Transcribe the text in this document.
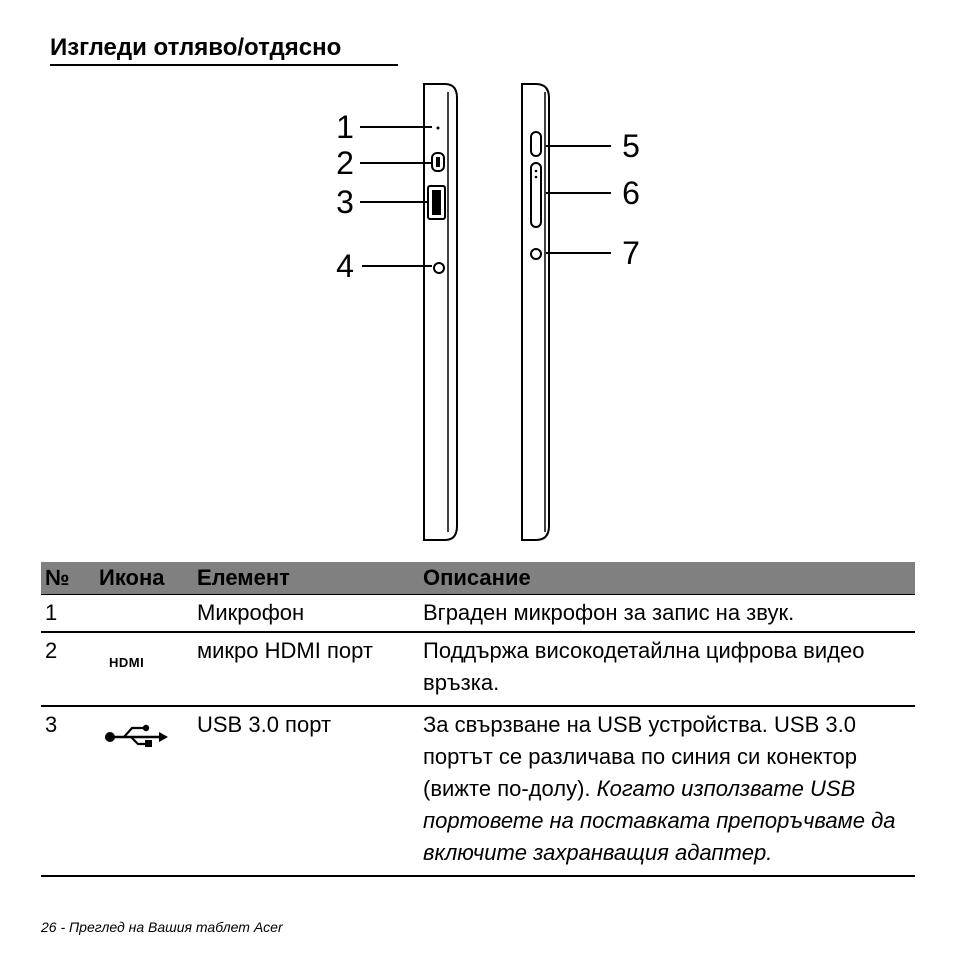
Изгледи отляво/отдясно
1
2
3
4
5
6
7
№	Икона	Елемент	Описание
1		Микрофон	Вграден микрофон за запис на звук.
2	HDMI	микро HDMI порт	Поддържа високодетайлна цифрова видео връзка.
3		USB 3.0 порт	За свързване на USB устройства. USB 3.0 портът се различава по синия си конектор (вижте по-долу). Когато използвате USB портовете на поставката препоръчваме да включите захранващия адаптер.
26 - Преглед на Вашия таблет Acer
